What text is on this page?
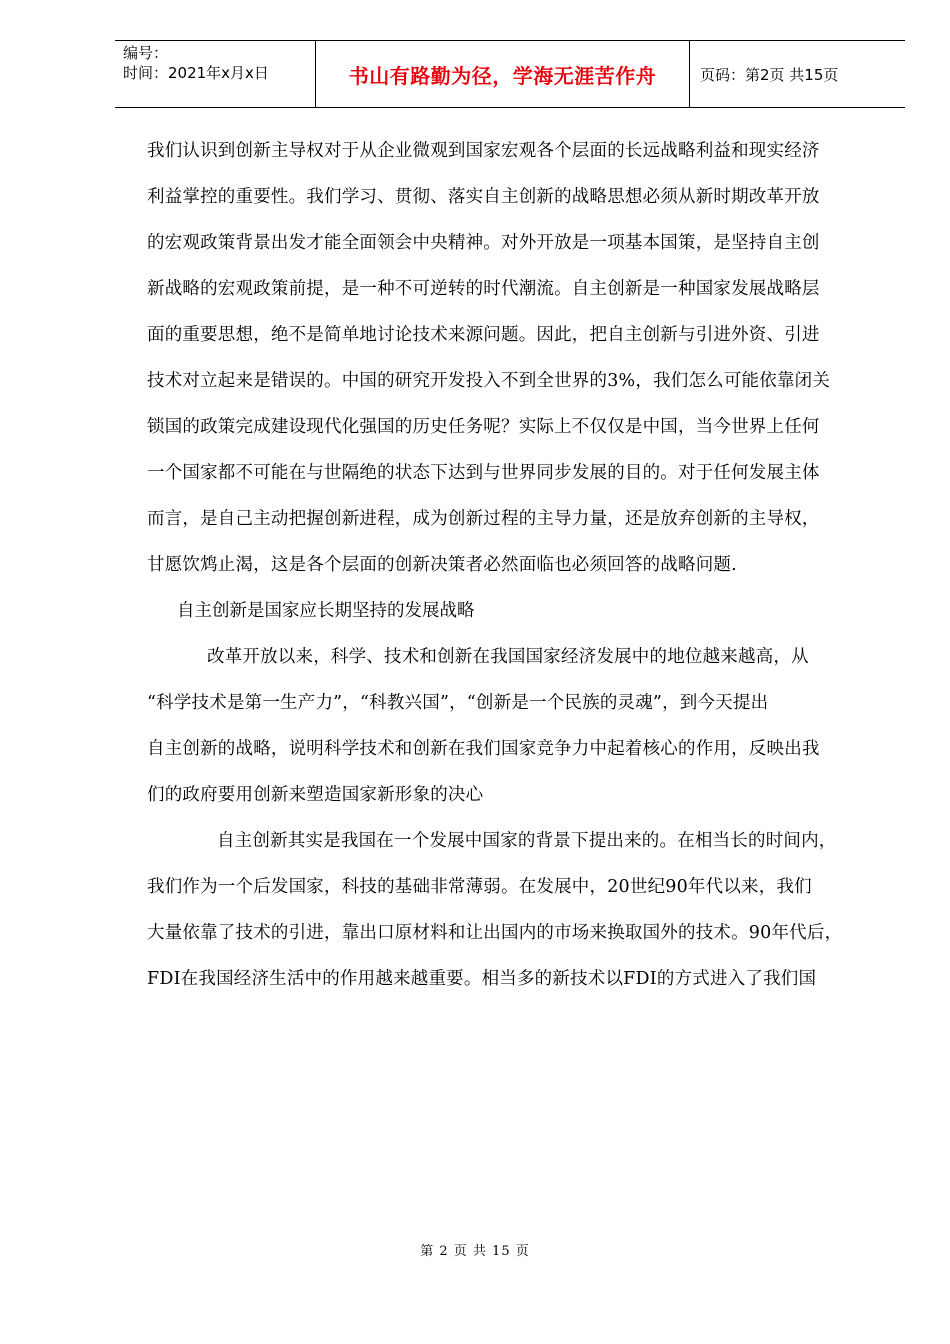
编号：
时间：2021年x月x日	书山有路勤为径，学海无涯苦作舟	页码：第2页 共15页

我们认识到创新主导权对于从企业微观到国家宏观各个层面的长远战略利益和现实经济
利益掌控的重要性。我们学习、贯彻、落实自主创新的战略思想必须从新时期改革开放
的宏观政策背景出发才能全面领会中央精神。对外开放是一项基本国策，是坚持自主创
新战略的宏观政策前提，是一种不可逆转的时代潮流。自主创新是一种国家发展战略层
面的重要思想，绝不是简单地讨论技术来源问题。因此，把自主创新与引进外资、引进
技术对立起来是错误的。中国的研究开发投入不到全世界的3%，我们怎么可能依靠闭关
锁国的政策完成建设现代化强国的历史任务呢？实际上不仅仅是中国，当今世界上任何
一个国家都不可能在与世隔绝的状态下达到与世界同步发展的目的。对于任何发展主体
而言，是自己主动把握创新进程，成为创新过程的主导力量，还是放弃创新的主导权，
甘愿饮鸩止渴，这是各个层面的创新决策者必然面临也必须回答的战略问题.

自主创新是国家应长期坚持的发展战略

改革开放以来，科学、技术和创新在我国国家经济发展中的地位越来越高，从
“科学技术是第一生产力”，“科教兴国”，“创新是一个民族的灵魂”，到今天提出
自主创新的战略，说明科学技术和创新在我们国家竞争力中起着核心的作用，反映出我
们的政府要用创新来塑造国家新形象的决心

自主创新其实是我国在一个发展中国家的背景下提出来的。在相当长的时间内，
我们作为一个后发国家，科技的基础非常薄弱。在发展中，20世纪90年代以来，我们
大量依靠了技术的引进，靠出口原材料和让出国内的市场来换取国外的技术。90年代后，
FDI在我国经济生活中的作用越来越重要。相当多的新技术以FDI的方式进入了我们国

第 2 页 共 15 页
